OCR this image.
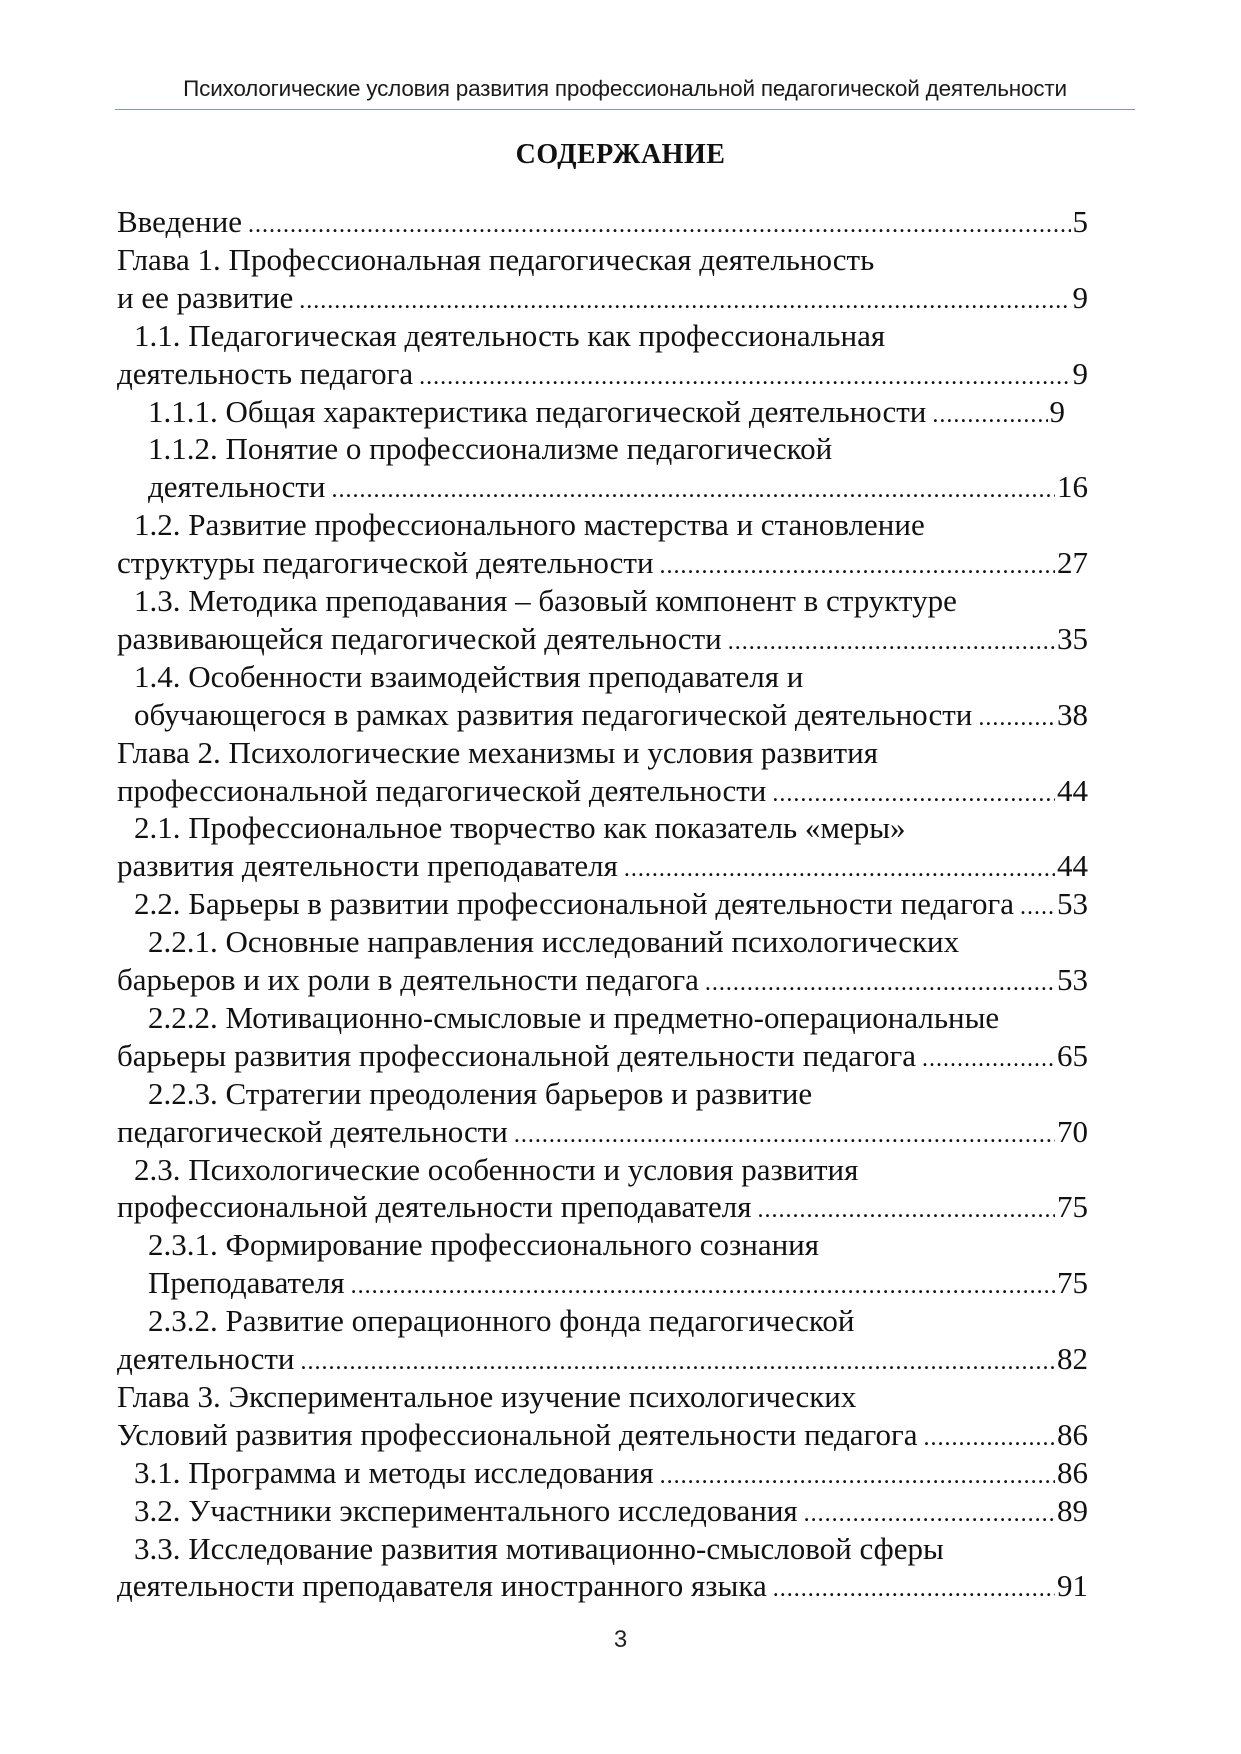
Психологические условия развития профессиональной педагогической деятельности
СОДЕРЖАНИЕ
Введение .....	5
Глава 1. Профессиональная педагогическая деятельность
и ее развитие .....	9
1.1. Педагогическая деятельность как профессиональная
деятельность педагога .....	9
1.1.1. Общая характеристика педагогической деятельности .....	9
1.1.2. Понятие о профессионализме педагогической
деятельности .....	16
1.2. Развитие профессионального мастерства и становление
структуры педагогической деятельности .....	27
1.3. Методика преподавания – базовый компонент в структуре
развивающейся педагогической деятельности .....	35
1.4. Особенности взаимодействия преподавателя и
обучающегося в рамках развития педагогической деятельности .....	38
Глава 2. Психологические механизмы и условия развития
профессиональной педагогической деятельности .....	44
2.1. Профессиональное творчество как показатель «меры»
развития деятельности преподавателя .....	44
2.2. Барьеры в развитии профессиональной деятельности педагога ..... 53
2.2.1. Основные направления исследований психологических
барьеров и их роли в деятельности педагога .....	53
2.2.2. Мотивационно-смысловые и предметно-операциональные
барьеры развития профессиональной деятельности педагога .....	65
2.2.3. Стратегии преодоления барьеров и развитие
педагогической деятельности .....	70
2.3. Психологические особенности и условия развития
профессиональной деятельности преподавателя .....	75
2.3.1. Формирование профессионального сознания
Преподавателя .....	75
2.3.2. Развитие операционного фонда педагогической
деятельности .....	82
Глава 3. Экспериментальное изучение психологических
Условий развития профессиональной деятельности педагога .....	86
3.1. Программа и методы исследования .....	86
3.2. Участники экспериментального исследования .....	89
3.3. Исследование развития мотивационно-смысловой сферы
деятельности преподавателя иностранного языка .....	91
3
